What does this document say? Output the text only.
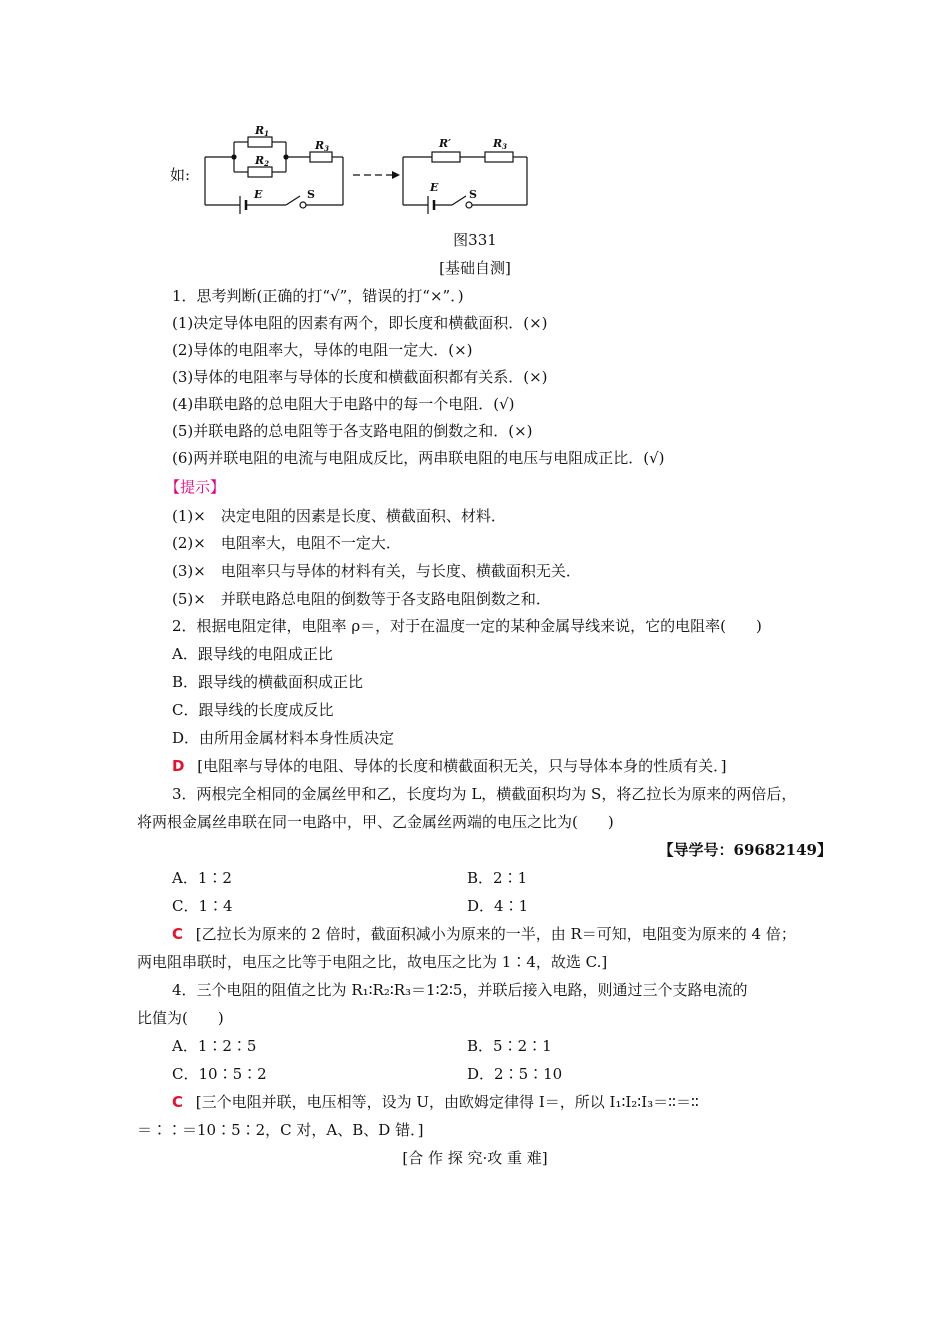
R1
R2
R3	R′	R3
E
E
S	S
如:
图331
[基础自测]
1．思考判断(正确的打“√”，错误的打“×”．)
(1)决定导体电阻的因素有两个，即长度和横截面积．(×)
(2)导体的电阻率大，导体的电阻一定大．(×)
(3)导体的电阻率与导体的长度和横截面积都有关系．(×)
(4)串联电路的总电阻大于电路中的每一个电阻．(√)
(5)并联电路的总电阻等于各支路电阻的倒数之和．(×)
(6)两并联电阻的电流与电阻成反比，两串联电阻的电压与电阻成正比．(√)
【提示】
(1)×　决定电阻的因素是长度、横截面积、材料．
(2)×　电阻率大，电阻不一定大．
(3)×　电阻率只与导体的材料有关，与长度、横截面积无关．
(5)×　并联电路总电阻的倒数等于各支路电阻倒数之和．
2．根据电阻定律，电阻率 ρ＝，对于在温度一定的某种金属导线来说，它的电阻率(　　)
A．跟导线的电阻成正比
B．跟导线的横截面积成正比
C．跟导线的长度成反比
D．由所用金属材料本身性质决定
D [电阻率与导体的电阻、导体的长度和横截面积无关，只与导体本身的性质有关．]
3．两根完全相同的金属丝甲和乙，长度均为 L，横截面积均为 S，将乙拉长为原来的两倍后，
将两根金属丝串联在同一电路中，甲、乙金属丝两端的电压之比为(　　)
【导学号：69682149】
A．1∶2	B．2∶1
C．1∶4	D．4∶1
C [乙拉长为原来的 2 倍时，截面积减小为原来的一半，由 R＝可知，电阻变为原来的 4 倍；
两电阻串联时，电压之比等于电阻之比，故电压之比为 1∶4，故选 C.]
4．三个电阻的阻值之比为 R₁∶R₂∶R₃＝1∶2∶5，并联后接入电路，则通过三个支路电流的
比值为(　　)
A．1∶2∶5	B．5∶2∶1
C．10∶5∶2	D．2∶5∶10
C [三个电阻并联，电压相等，设为 U，由欧姆定律得 I＝，所以 I₁∶I₂∶I₃＝∶∶＝∶∶
＝∶∶＝10∶5∶2，C 对，A、B、D 错．]
[合 作 探 究·攻 重 难]
